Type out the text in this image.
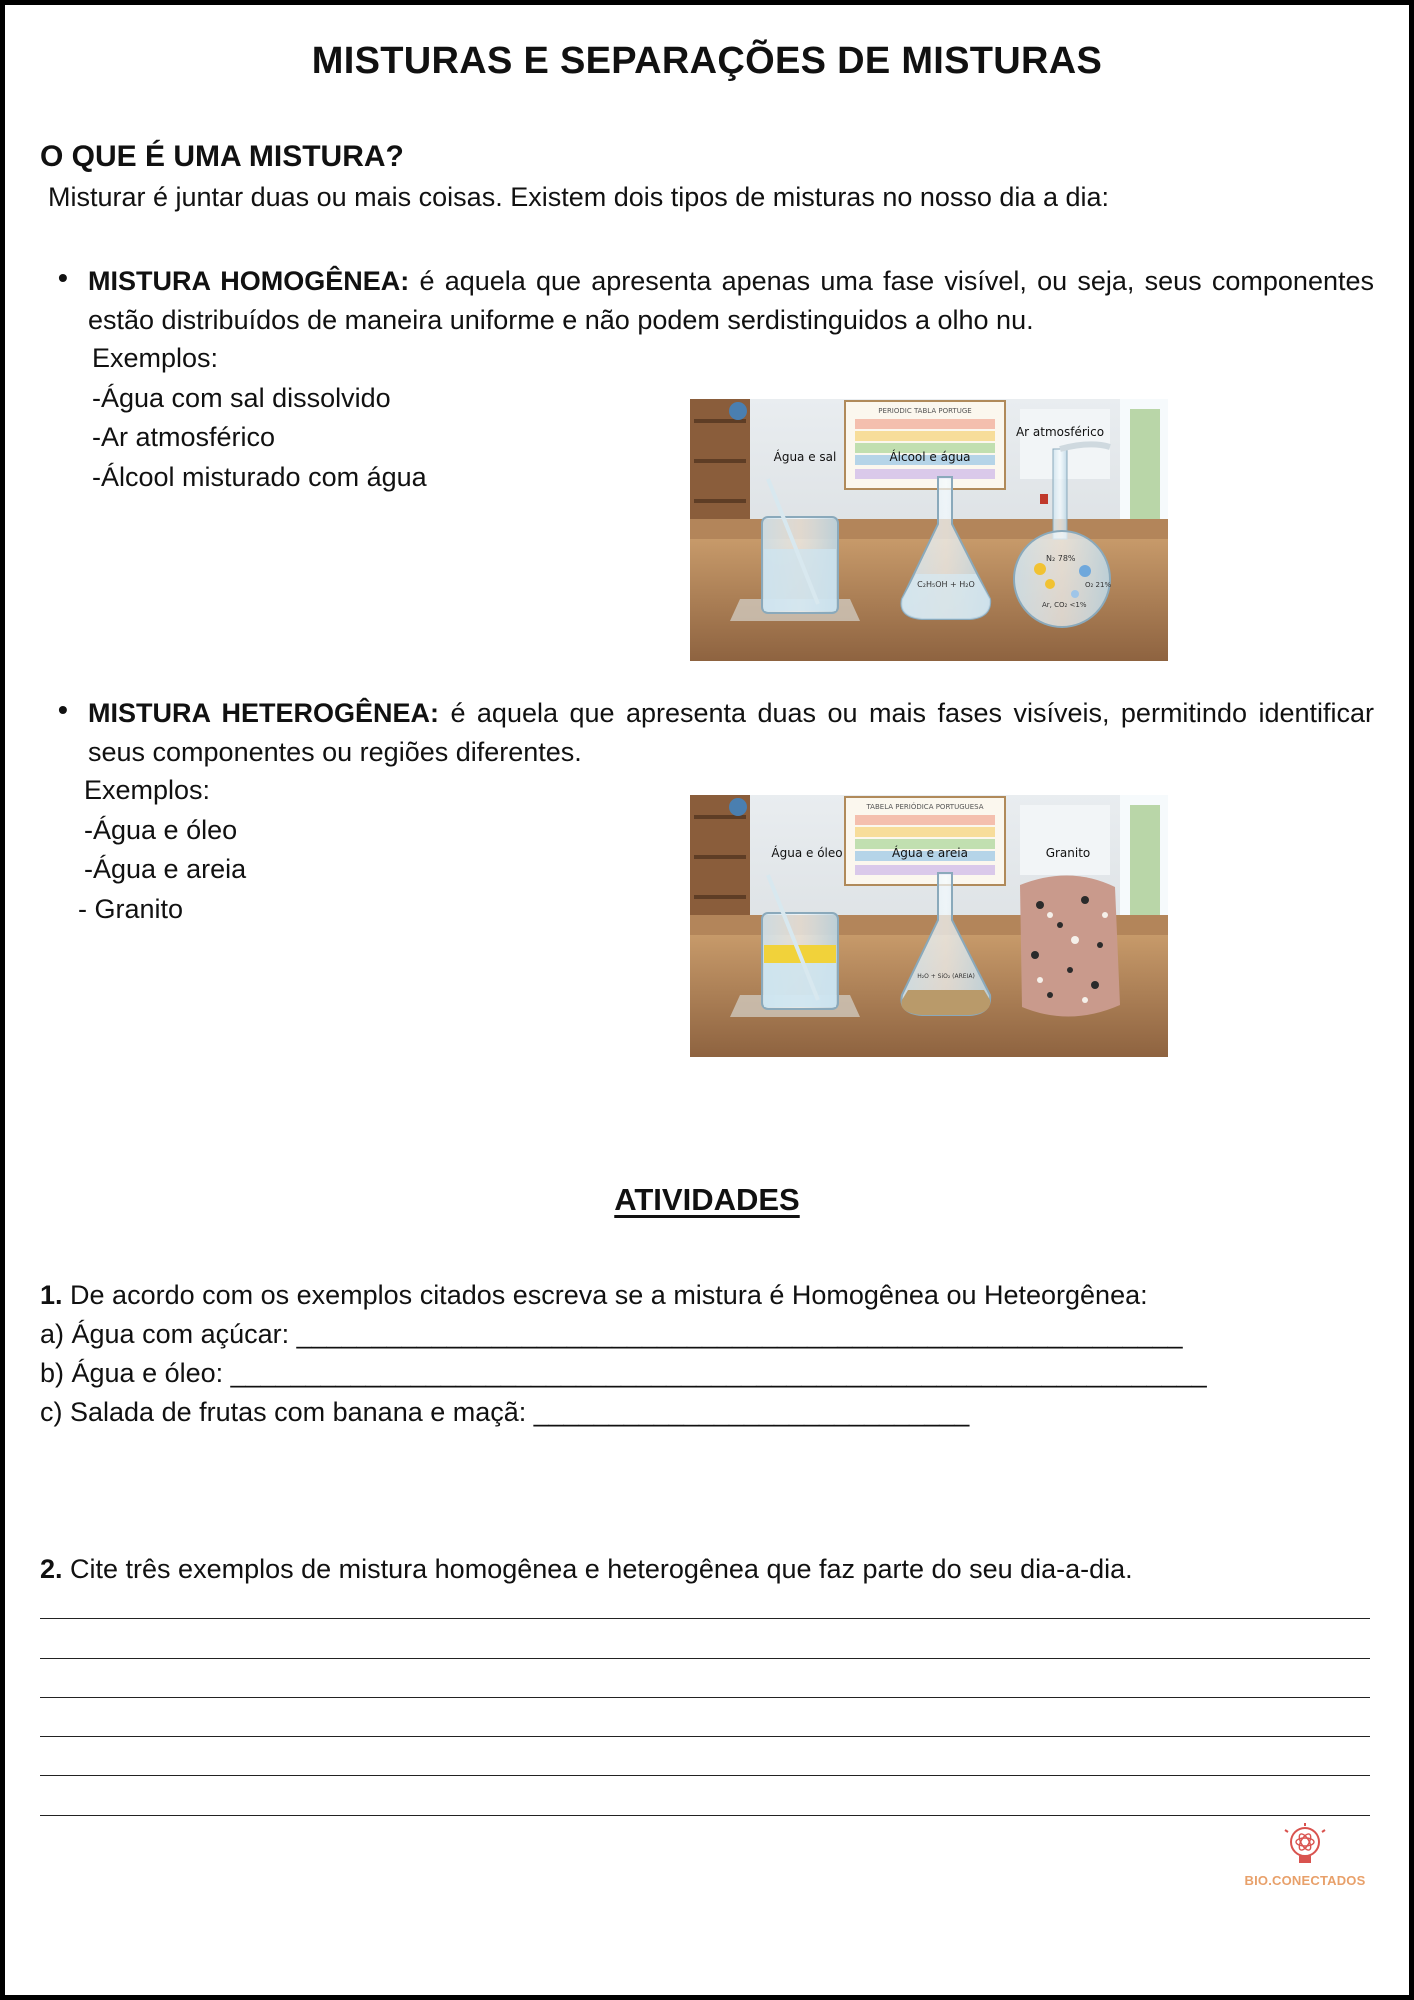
MISTURAS E SEPARAÇÕES DE MISTURAS
O QUE É UMA MISTURA?
Misturar é juntar duas ou mais coisas. Existem dois tipos de misturas no nosso dia a dia:
• MISTURA HOMOGÊNEA: é aquela que apresenta apenas uma fase visível, ou seja, seus componentes estão distribuídos de maneira uniforme e não podem serdistinguidos a olho nu.
Exemplos:
-Água com sal dissolvido
-Ar atmosférico
-Álcool misturado com água
PERIODIC TABLA PORTUGE
C₂H₅OH + H₂O
N₂ 78%
O₂ 21%
Ar, CO₂ <1%
Água e sal	Álcool e água
Ar atmosférico
• MISTURA HETEROGÊNEA: é aquela que apresenta duas ou mais fases visíveis, permitindo identificar seus componentes ou regiões diferentes.
Exemplos:
-Água e óleo
-Água e areia
- Granito
TABELA PERIÓDICA PORTUGUESA
H₂O + SiO₂ (AREIA)
Água e óleo	Água e areia	Granito
ATIVIDADES
1. De acordo com os exemplos citados escreva se a mistura é Homogênea ou Heteorgênea:
a) Água com açúcar: ___________________________________________________________
b) Água e óleo: _________________________________________________________________
c) Salada de frutas com banana e maçã: _____________________________
2. Cite três exemplos de mistura homogênea e heterogênea que faz parte do seu dia-a-dia.
BIO.CONECTADOS
